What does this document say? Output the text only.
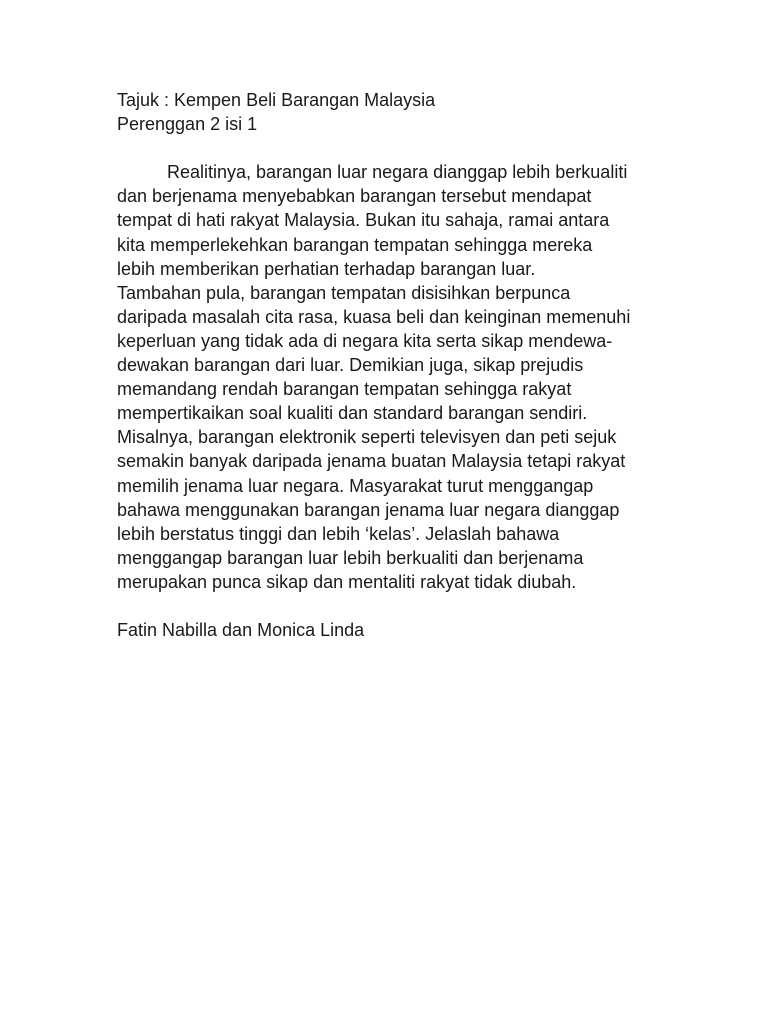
Tajuk : Kempen Beli Barangan Malaysia
Perenggan 2 isi 1
Realitinya, barangan luar negara dianggap lebih berkualiti
dan berjenama menyebabkan barangan tersebut mendapat
tempat di hati rakyat Malaysia. Bukan itu sahaja, ramai antara
kita memperlekehkan barangan tempatan sehingga mereka
lebih memberikan perhatian terhadap barangan luar.
Tambahan pula, barangan tempatan disisihkan berpunca
daripada masalah cita rasa, kuasa beli dan keinginan memenuhi
keperluan yang tidak ada di negara kita serta sikap mendewa-
dewakan barangan dari luar. Demikian juga, sikap prejudis
memandang rendah barangan tempatan sehingga rakyat
mempertikaikan soal kualiti dan standard barangan sendiri.
Misalnya, barangan elektronik seperti televisyen dan peti sejuk
semakin banyak daripada jenama buatan Malaysia tetapi rakyat
memilih jenama luar negara. Masyarakat turut menggangap
bahawa menggunakan barangan jenama luar negara dianggap
lebih berstatus tinggi dan lebih ‘kelas’. Jelaslah bahawa
menggangap barangan luar lebih berkualiti dan berjenama
merupakan punca sikap dan mentaliti rakyat tidak diubah.
Fatin Nabilla dan Monica Linda
